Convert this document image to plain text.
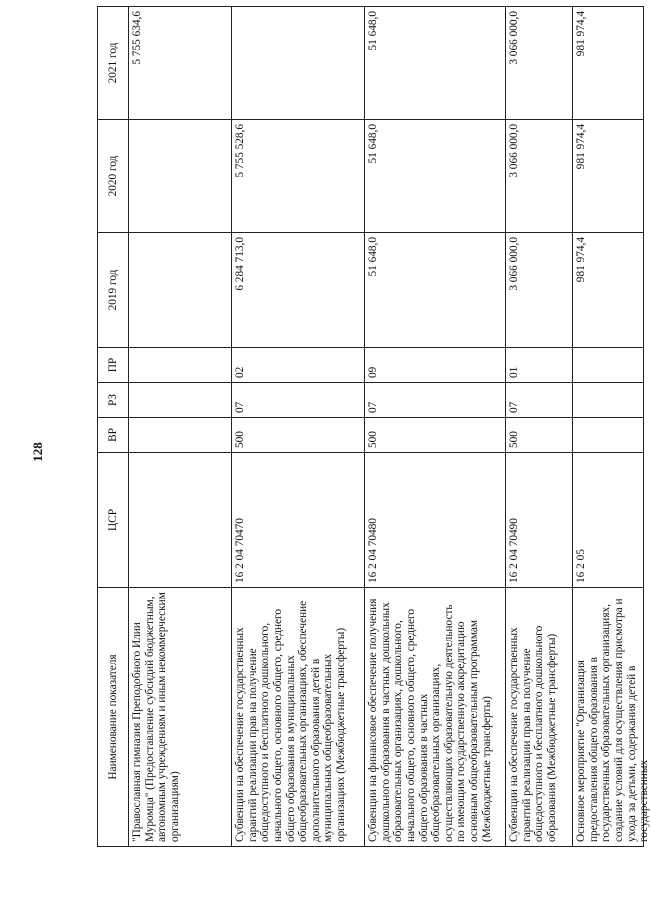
128
Наименование показателя	ЦСР	ВР	РЗ	ПР	2019 год	2020 год	2021 год
"Православная гимназия Преподобного Илии Муромца" (Предоставление субсидий бюджетным, автономным учреждениям и иным некоммерческим организациям)							5 755 634,6
Субвенции на обеспечение государственных гарантий реализации прав на получение общедоступного и бесплатного дошкольного, начального общего, основного общего, среднего общего образования в муниципальных общеобразовательных организациях, обеспечение дополнительного образования детей в муниципальных общеобразовательных организациях (Межбюджетные трансферты)	16 2 04 70470	500	07	02	6 284 713,0	5 755 528,6	
Субвенции на финансовое обеспечение получения дошкольного образования в частных дошкольных образовательных организациях, дошкольного, начального общего, основного общего, среднего общего образования в частных общеобразовательных организациях, осуществляющих образовательную деятельность по имеющим государственную аккредитацию основным общеобразовательным программам (Межбюджетные трансферты)	16 2 04 70480	500	07	09	51 648,0	51 648,0	51 648,0
Субвенции на обеспечение государственных гарантий реализации прав на получение общедоступного и бесплатного дошкольного образования (Межбюджетные трансферты)	16 2 04 70490	500	07	01	3 066 000,0	3 066 000,0	3 066 000,0

Основное мероприятие "Организация предоставления общего образования в государственных образовательных организациях, создание условий для осуществления присмотра и ухода за детьми, содержания детей в государственных	16 2 05				981 974,4	981 974,4	981 974,4
